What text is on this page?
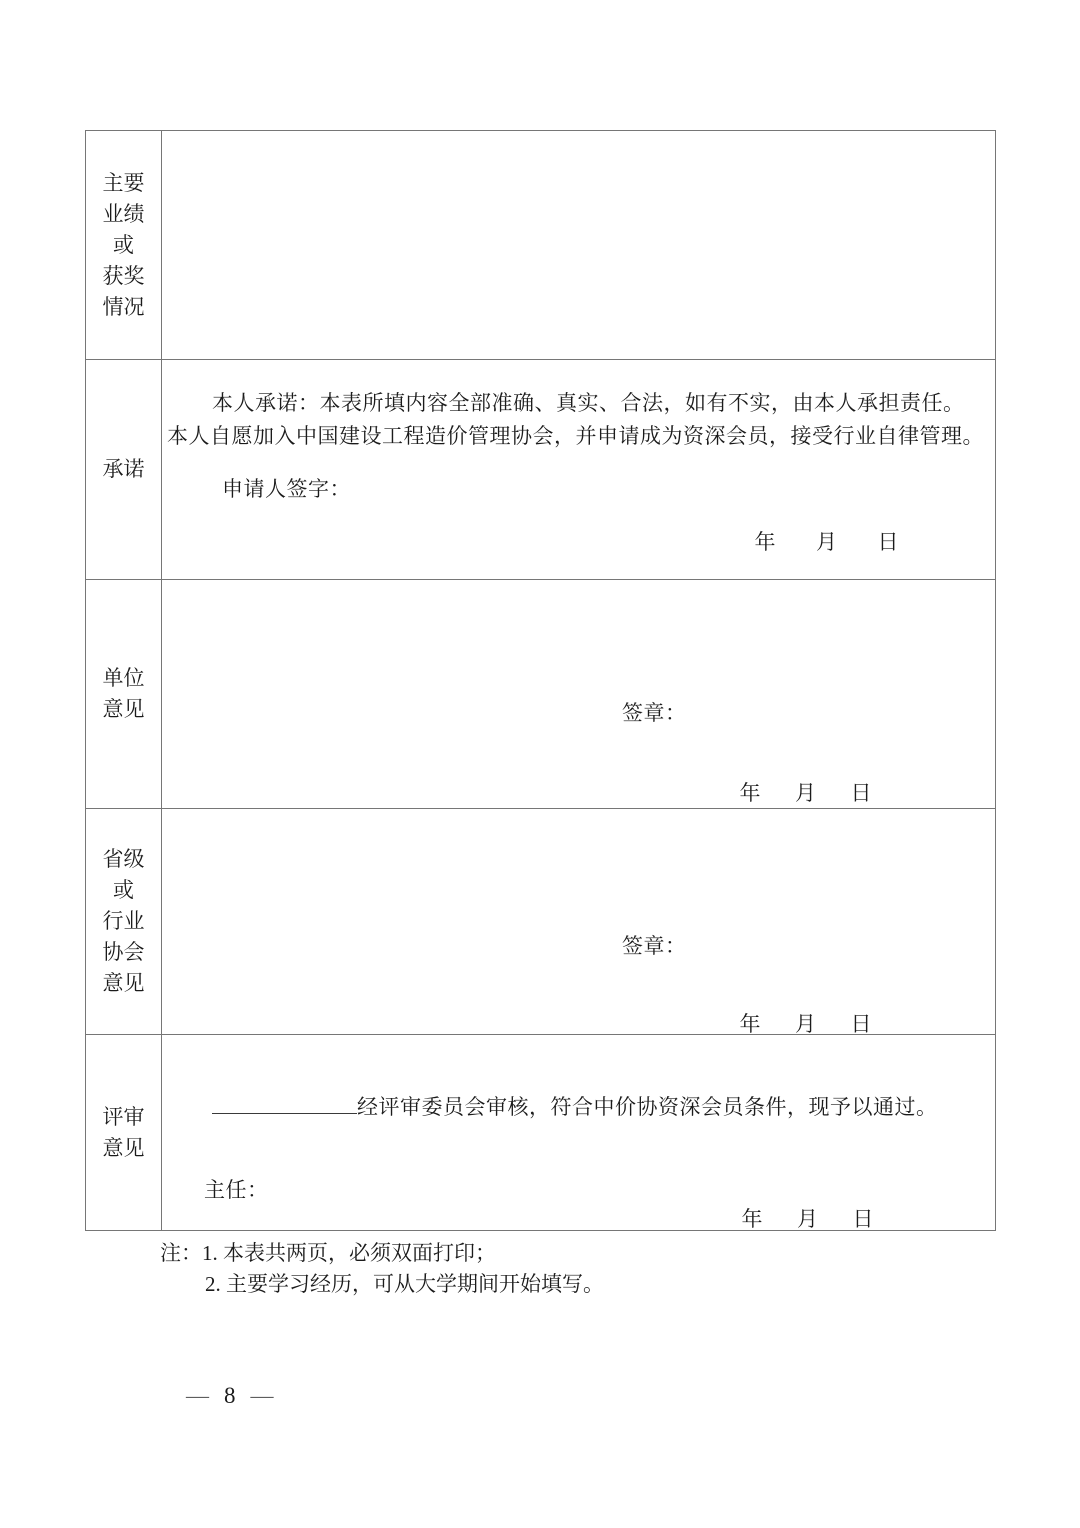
主要
业绩
或
获奖
情况
承诺
本人承诺：本表所填内容全部准确、真实、合法，如有不实，由本人承担责任。
本人自愿加入中国建设工程造价管理协会，并申请成为资深会员，接受行业自律管理。
申请人签字：
年 月 日
单位
意见	签章：
年 月 日
省级
或
行业
协会
意见
签章：
年 月 日
评审
意见
经评审委员会审核，符合中价协资深会员条件，现予以通过。
主任：
年 月 日
注：1. 本表共两页，必须双面打印；
2. 主要学习经历，可从大学期间开始填写。
— 8 —
